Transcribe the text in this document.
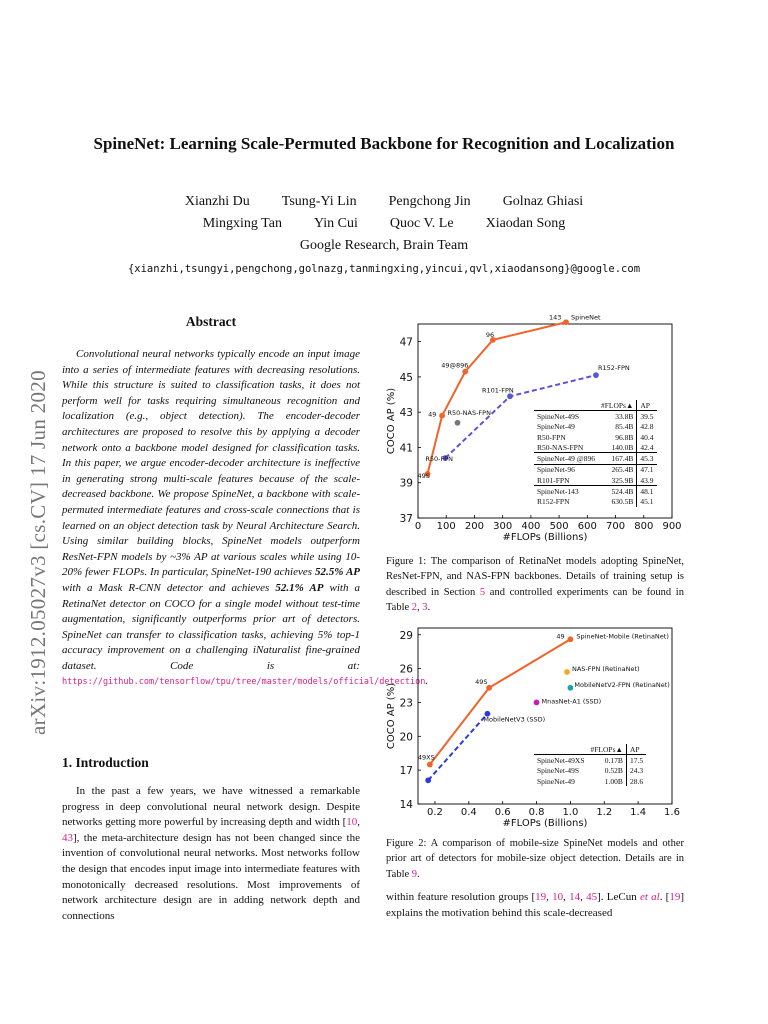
SpineNet: Learning Scale-Permuted Backbone for Recognition and Localization
Xianzhi Du Tsung-Yi Lin Pengchong Jin Golnaz Ghiasi
Mingxing Tan Yin Cui Quoc V. Le Xiaodan Song
Google Research, Brain Team
{xianzhi,tsungyi,pengchong,golnazg,tanmingxing,yincui,qvl,xiaodansong}@google.com
arXiv:1912.05027v3 [cs.CV] 17 Jun 2020
Abstract
Convolutional neural networks typically encode an input image into a series of intermediate features with decreasing resolutions. While this structure is suited to classification tasks, it does not perform well for tasks requiring simultaneous recognition and localization (e.g., object detection). The encoder-decoder architectures are proposed to resolve this by applying a decoder network onto a backbone model designed for classification tasks. In this paper, we argue encoder-decoder architecture is ineffective in generating strong multi-scale features because of the scale-decreased backbone. We propose SpineNet, a backbone with scale-permuted intermediate features and cross-scale connections that is learned on an object detection task by Neural Architecture Search. Using similar building blocks, SpineNet models outperform ResNet-FPN models by ~3% AP at various scales while using 10-20% fewer FLOPs. In particular, SpineNet-190 achieves 52.5% AP with a Mask R-CNN detector and achieves 52.1% AP with a RetinaNet detector on COCO for a single model without test-time augmentation, significantly outperforms prior art of detectors. SpineNet can transfer to classification tasks, achieving 5% top-1 accuracy improvement on a challenging iNaturalist fine-grained dataset. Code is at: https://github.com/tensorflow/tpu/tree/master/models/official/detection.
1. Introduction
In the past a few years, we have witnessed a remarkable progress in deep convolutional neural network design. Despite networks getting more powerful by increasing depth and width [10, 43], the meta-architecture design has not been changed since the invention of convolutional neural networks. Most networks follow the design that encodes input image into intermediate features with monotonically decreased resolutions. Most improvements of network architecture design are in adding network depth and connections
0 100 200 300 400 500 600 700 800 900
37
39
41
43
45
47
#FLOPs (Billions)
COCO AP (%)
49S
49
49@896
96
143 SpineNet
R50-FPN
R101-FPN
R152-FPN
R50-NAS-FPN
	#FLOPs▲	AP
SpineNet-49S	33.8B	39.5
SpineNet-49	85.4B	42.8
R50-FPN	96.8B	40.4
R50-NAS-FPN	140.0B	42.4
SpineNet-49 @896	167.4B	45.3
SpineNet-96	265.4B	47.1
R101-FPN	325.9B	43.9
SpineNet-143	524.4B	48.1
R152-FPN	630.5B	45.1
Figure 1: The comparison of RetinaNet models adopting SpineNet, ResNet-FPN, and NAS-FPN backbones. Details of training setup is described in Section 5 and controlled experiments can be found in Table 2, 3.
0.2 0.4 0.6 0.8 1.0 1.2 1.4 1.6
14
17
20
23
26
29
#FLOPs (Billions)
COCO AP (%)
49XS
49S
49 SpineNet-Mobile (RetinaNet)
MobileNetV3 (SSD)
NAS-FPN (RetinaNet)
MobileNetV2-FPN (RetinaNet)
MnasNet-A1 (SSD)
	#FLOPs▲	AP
SpineNet-49XS	0.17B	17.5
SpineNet-49S	0.52B	24.3
SpineNet-49	1.00B	28.6
Figure 2: A comparison of mobile-size SpineNet models and other prior art of detectors for mobile-size object detection. Details are in Table 9.
within feature resolution groups [19, 10, 14, 45]. LeCun et al. [19] explains the motivation behind this scale-decreased
